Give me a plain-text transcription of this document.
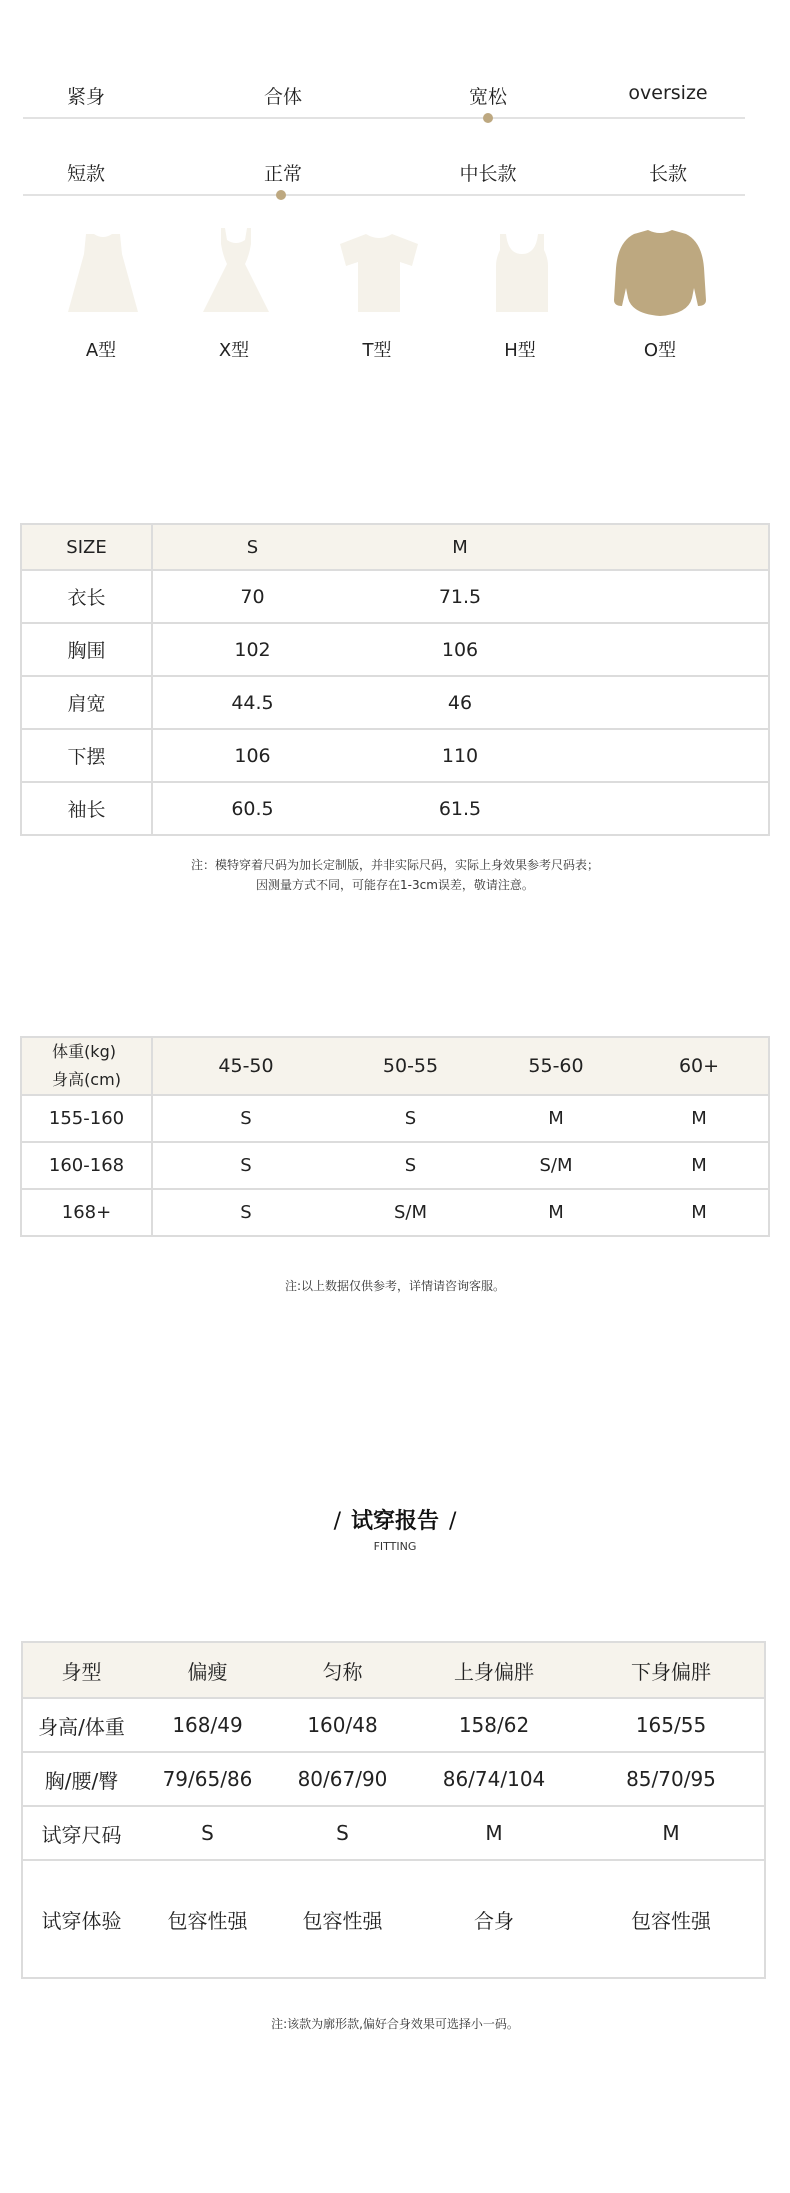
紧身	合体	宽松	oversize
短款	正常	中长款	长款
A型	X型	T型	H型	O型
SIZE	S	M	
衣长	70	71.5	
胸围	102	106	
肩宽	44.5	46	
下摆	106	110	
袖长	60.5	61.5	
注：模特穿着尺码为加长定制版，并非实际尺码，实际上身效果参考尺码表；
因测量方式不同，可能存在1-3cm误差，敬请注意。
体重(kg)
身高(cm)	45-50	50-55	55-60	60+
155-160	S	S	M	M
160-168	S	S	S/M	M
168+	S	S/M	M	M
注:以上数据仅供参考，详情请咨询客服。
/ 试穿报告 /
FITTING
身型	偏瘦	匀称	上身偏胖	下身偏胖
身高/体重	168/49	160/48	158/62	165/55
胸/腰/臀	79/65/86	80/67/90	86/74/104	85/70/95
试穿尺码	S	S	M	M
试穿体验	包容性强	包容性强	合身	包容性强
注:该款为廓形款,偏好合身效果可选择小一码。
